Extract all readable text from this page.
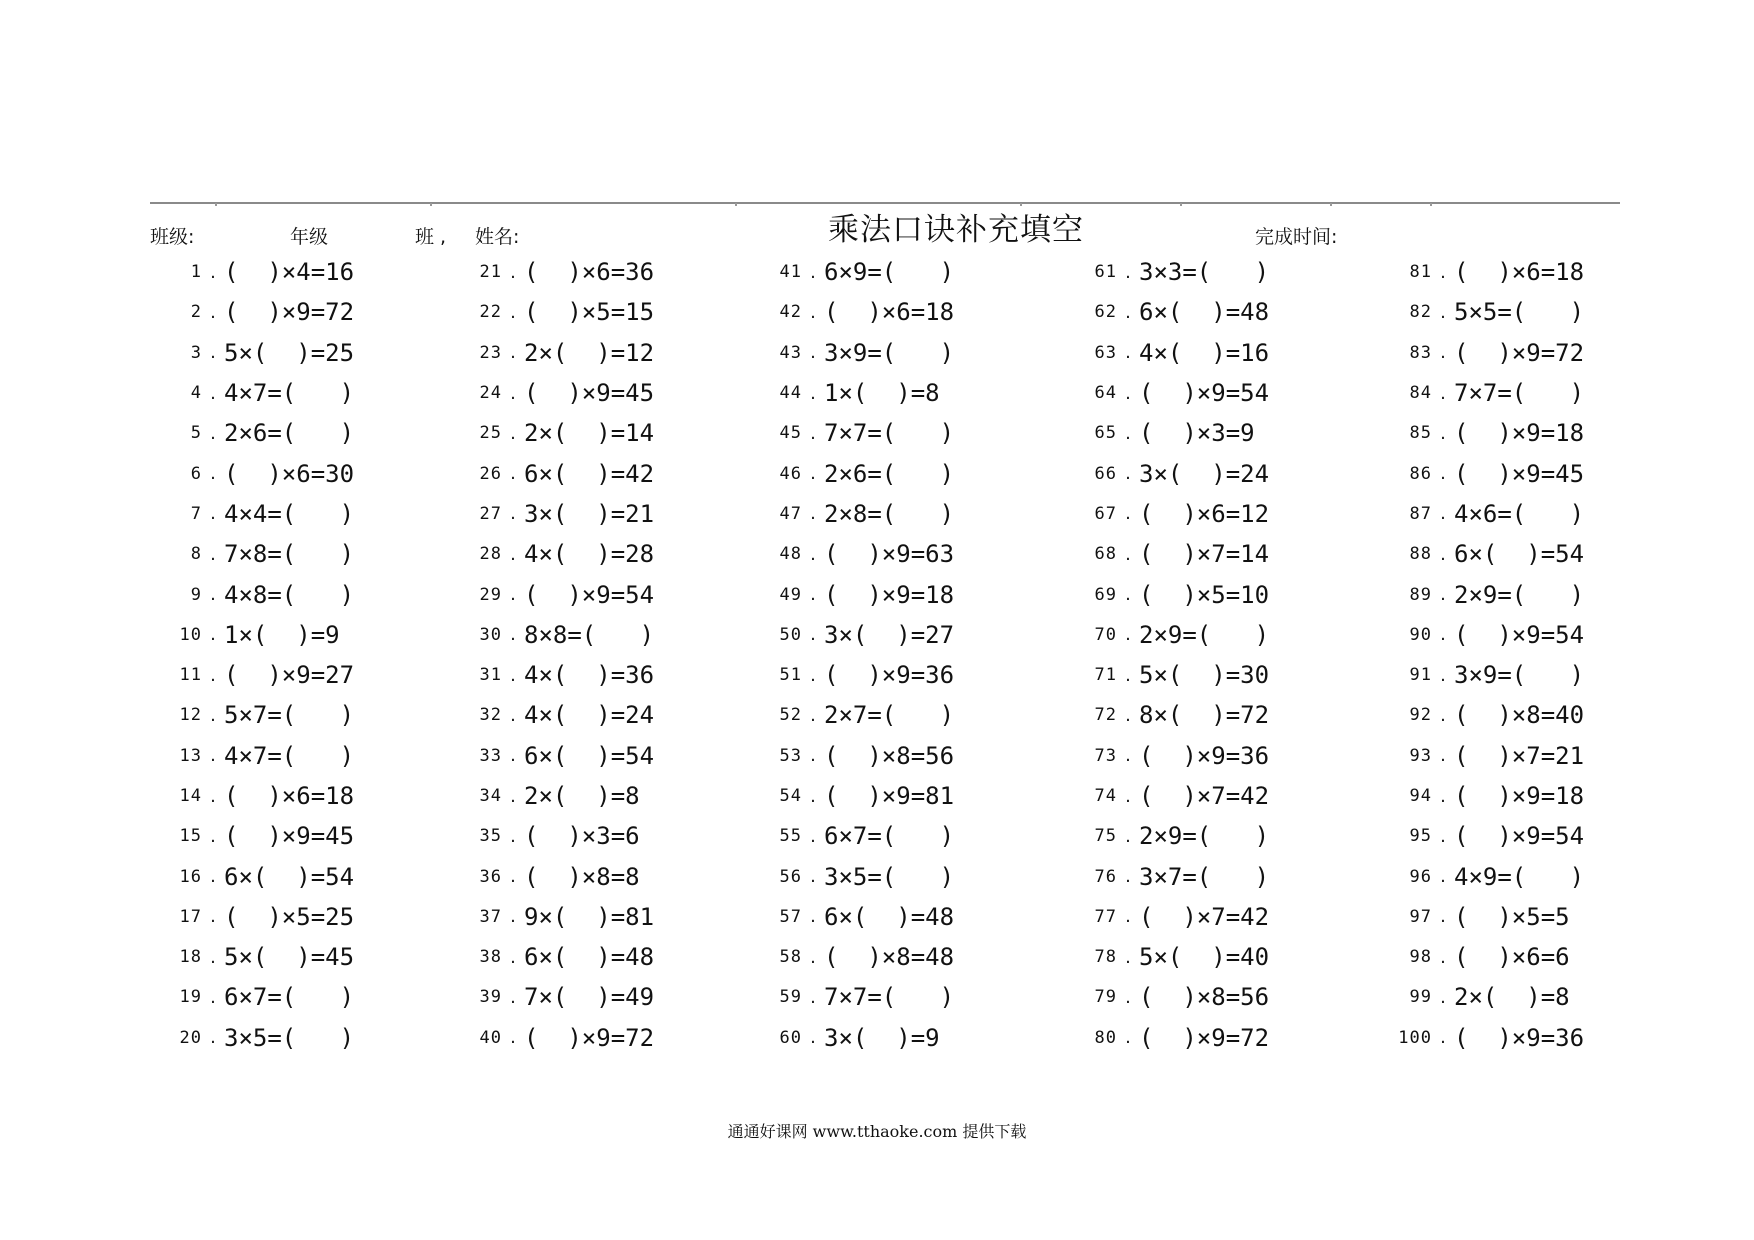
班级:	年级	班 , 姓名:	完成时间:
乘法口诀补充填空
1 . (  )×4=16
2 . (  )×9=72
3 . 5×(  )=25
4 . 4×7=(   )
5 . 2×6=(   )
6 . (  )×6=30
7 . 4×4=(   )
8 . 7×8=(   )
9 . 4×8=(   )
10 . 1×(  )=9
11 . (  )×9=27
12 . 5×7=(   )
13 . 4×7=(   )
14 . (  )×6=18
15 . (  )×9=45
16 . 6×(  )=54
17 . (  )×5=25
18 . 5×(  )=45
19 . 6×7=(   )
20 . 3×5=(   )
21 . (  )×6=36
22 . (  )×5=15
23 . 2×(  )=12
24 . (  )×9=45
25 . 2×(  )=14
26 . 6×(  )=42
27 . 3×(  )=21
28 . 4×(  )=28
29 . (  )×9=54
30 . 8×8=(   )
31 . 4×(  )=36
32 . 4×(  )=24
33 . 6×(  )=54
34 . 2×(  )=8
35 . (  )×3=6
36 . (  )×8=8
37 . 9×(  )=81
38 . 6×(  )=48
39 . 7×(  )=49
40 . (  )×9=72
41 . 6×9=(   )
42 . (  )×6=18
43 . 3×9=(   )
44 . 1×(  )=8
45 . 7×7=(   )
46 . 2×6=(   )
47 . 2×8=(   )
48 . (  )×9=63
49 . (  )×9=18
50 . 3×(  )=27
51 . (  )×9=36
52 . 2×7=(   )
53 . (  )×8=56
54 . (  )×9=81
55 . 6×7=(   )
56 . 3×5=(   )
57 . 6×(  )=48
58 . (  )×8=48
59 . 7×7=(   )
60 . 3×(  )=9
61 . 3×3=(   )
62 . 6×(  )=48
63 . 4×(  )=16
64 . (  )×9=54
65 . (  )×3=9
66 . 3×(  )=24
67 . (  )×6=12
68 . (  )×7=14
69 . (  )×5=10
70 . 2×9=(   )
71 . 5×(  )=30
72 . 8×(  )=72
73 . (  )×9=36
74 . (  )×7=42
75 . 2×9=(   )
76 . 3×7=(   )
77 . (  )×7=42
78 . 5×(  )=40
79 . (  )×8=56
80 . (  )×9=72
81 . (  )×6=18
82 . 5×5=(   )
83 . (  )×9=72
84 . 7×7=(   )
85 . (  )×9=18
86 . (  )×9=45
87 . 4×6=(   )
88 . 6×(  )=54
89 . 2×9=(   )
90 . (  )×9=54
91 . 3×9=(   )
92 . (  )×8=40
93 . (  )×7=21
94 . (  )×9=18
95 . (  )×9=54
96 . 4×9=(   )
97 . (  )×5=5
98 . (  )×6=6
99 . 2×(  )=8
100 . (  )×9=36
通通好课网 www.tthaoke.com 提供下载
